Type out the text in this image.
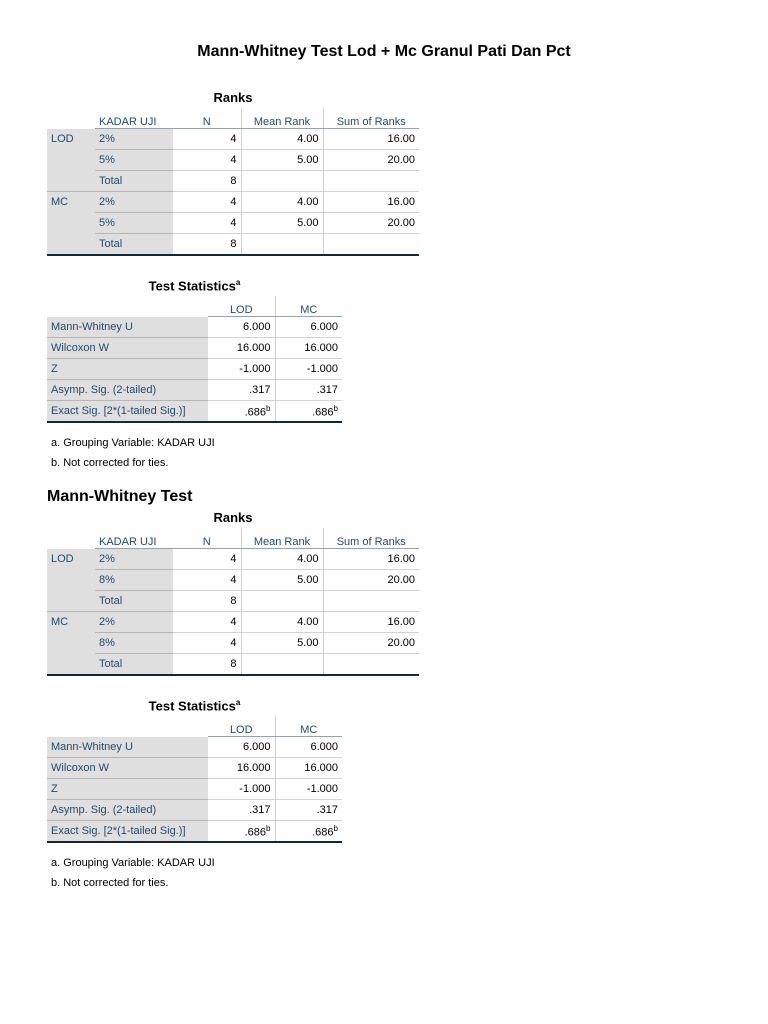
Mann-Whitney Test Lod + Mc Granul Pati Dan Pct
Ranks
	KADAR UJI	N	Mean Rank	Sum of Ranks
LOD	2%	4	4.00	16.00
	5%	4	5.00	20.00
	Total	8		
MC	2%	4	4.00	16.00
	5%	4	5.00	20.00
	Total	8		
Test Statistics$^a$
	LOD	MC
Mann-Whitney U	6.000	6.000
Wilcoxon W	16.000	16.000
Z	-1.000	-1.000
Asymp. Sig. (2-tailed)	.317	.317
Exact Sig. [2*(1-tailed Sig.)]	.686$^b$	.686$^b$
a. Grouping Variable: KADAR UJI
b. Not corrected for ties.
Mann-Whitney Test
Ranks
	KADAR UJI	N	Mean Rank	Sum of Ranks
LOD	2%	4	4.00	16.00
	8%	4	5.00	20.00
	Total	8		
MC	2%	4	4.00	16.00
	8%	4	5.00	20.00
	Total	8		
Test Statistics$^a$
	LOD	MC
Mann-Whitney U	6.000	6.000
Wilcoxon W	16.000	16.000
Z	-1.000	-1.000
Asymp. Sig. (2-tailed)	.317	.317
Exact Sig. [2*(1-tailed Sig.)]	.686$^b$	.686$^b$
a. Grouping Variable: KADAR UJI
b. Not corrected for ties.
